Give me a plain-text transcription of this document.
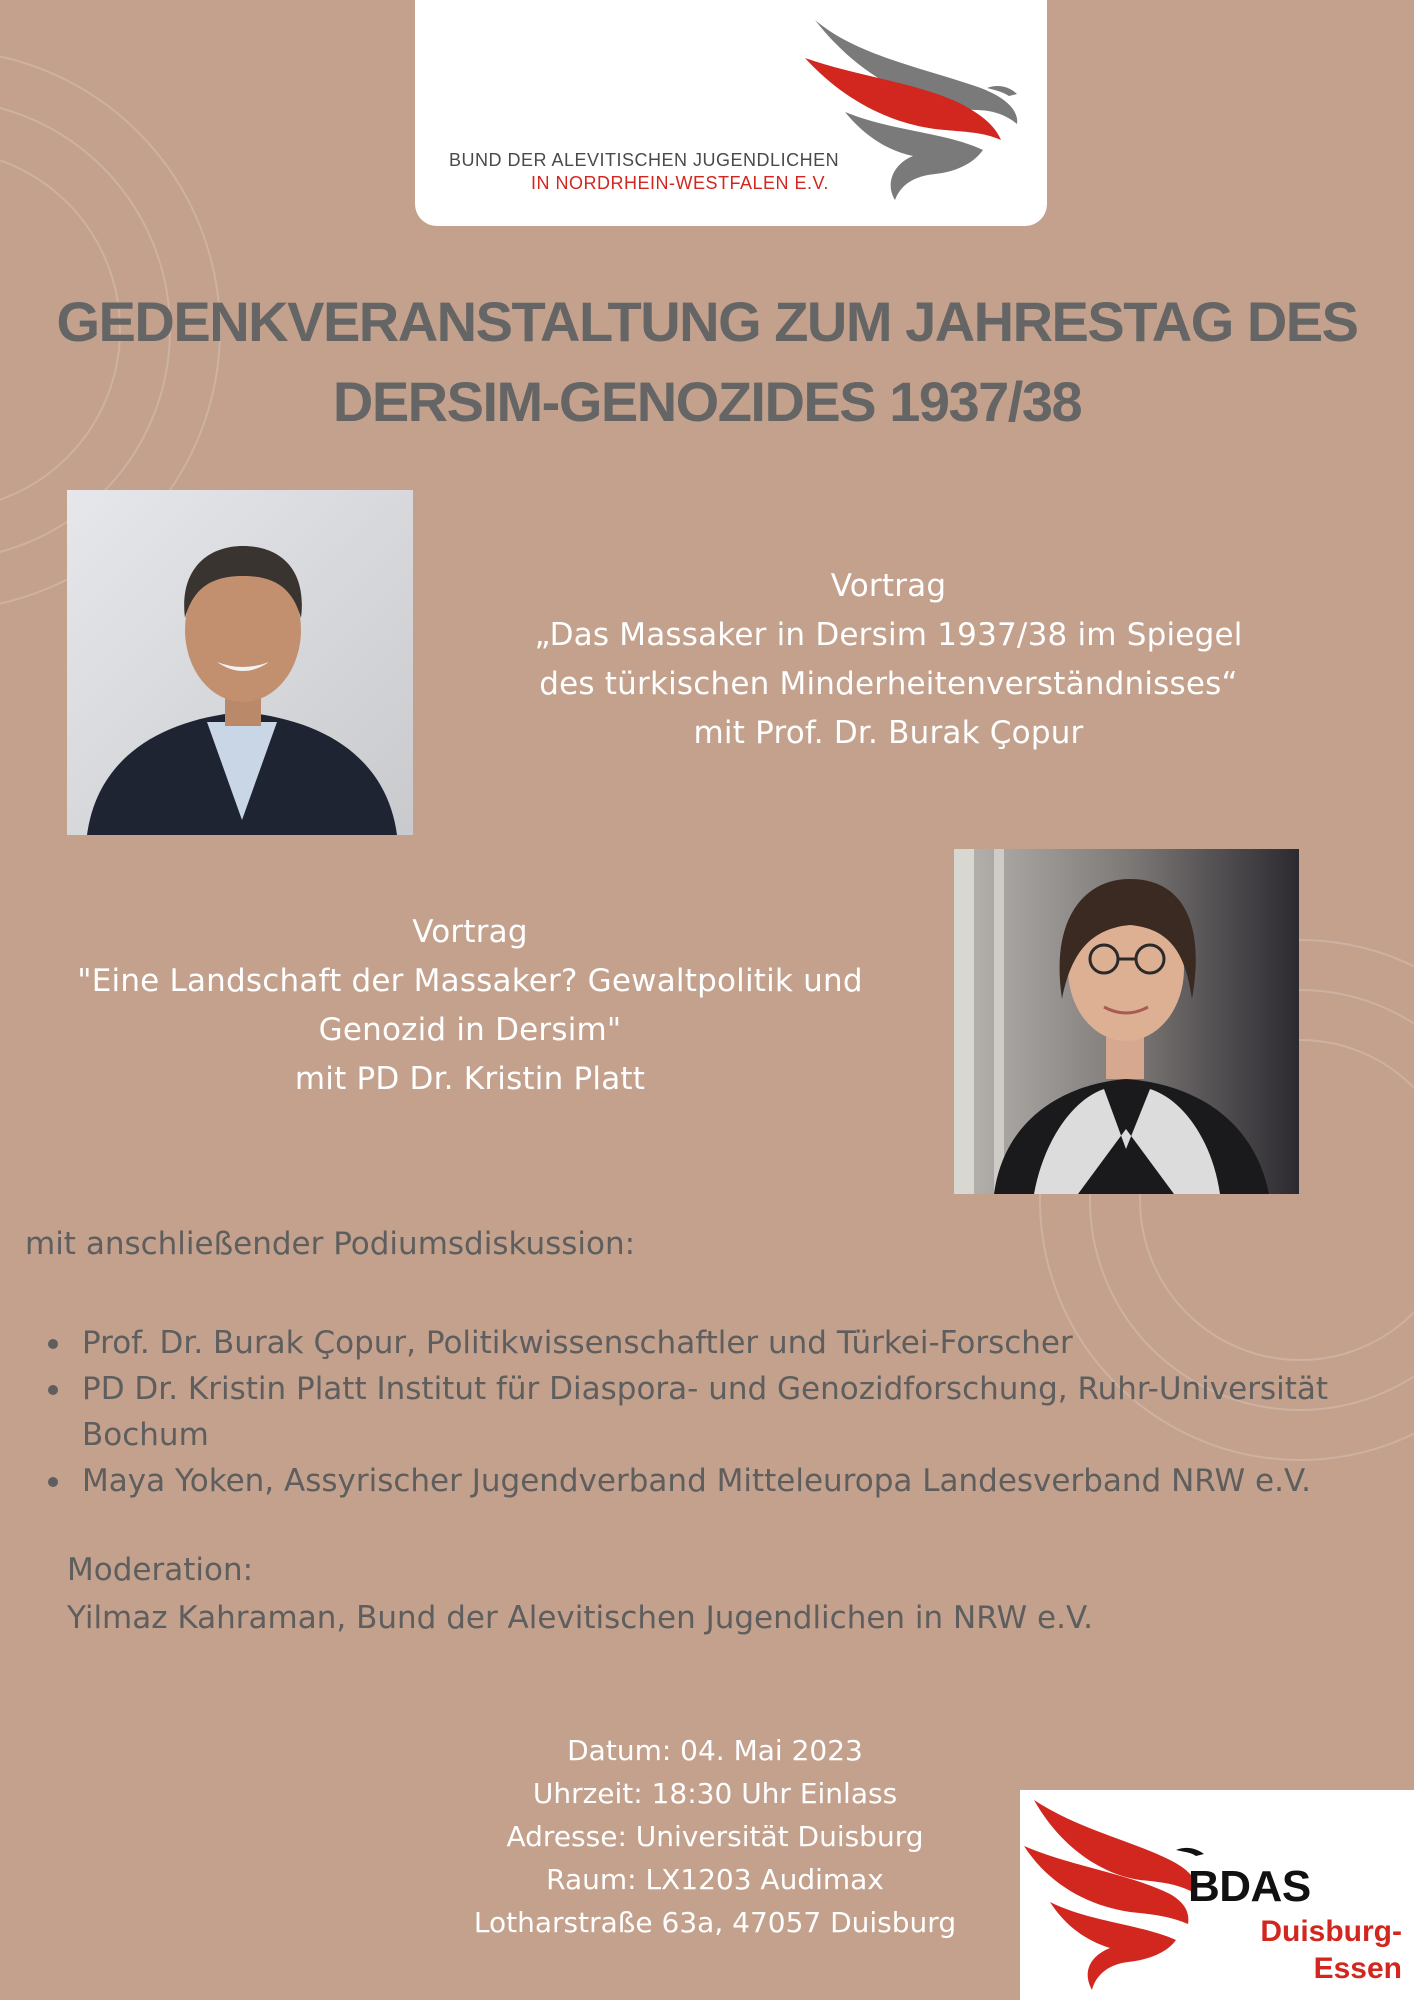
BUND DER ALEVITISCHEN JUGENDLICHEN
IN NORDRHEIN-WESTFALEN E.V.
GEDENKVERANSTALTUNG ZUM JAHRESTAG DES
DERSIM-GENOZIDES 1937/38
Vortrag
„Das Massaker in Dersim 1937/38 im Spiegel
des türkischen Minderheitenverständnisses“
mit Prof. Dr. Burak Çopur
Vortrag
"Eine Landschaft der Massaker? Gewaltpolitik und
Genozid in Dersim"
mit PD Dr. Kristin Platt
mit anschließender Podiumsdiskussion:
Prof. Dr. Burak Çopur, Politikwissenschaftler und Türkei-Forscher
PD Dr. Kristin Platt Institut für Diaspora- und Genozidforschung, Ruhr-Universität Bochum
Maya Yoken, Assyrischer Jugendverband Mitteleuropa Landesverband NRW e.V.
Moderation:
Yilmaz Kahraman, Bund der Alevitischen Jugendlichen in NRW e.V.
Datum: 04. Mai 2023
Uhrzeit: 18:30 Uhr Einlass
Adresse: Universität Duisburg
Raum: LX1203 Audimax
Lotharstraße 63a, 47057 Duisburg
BDAS
Duisburg-
Essen
